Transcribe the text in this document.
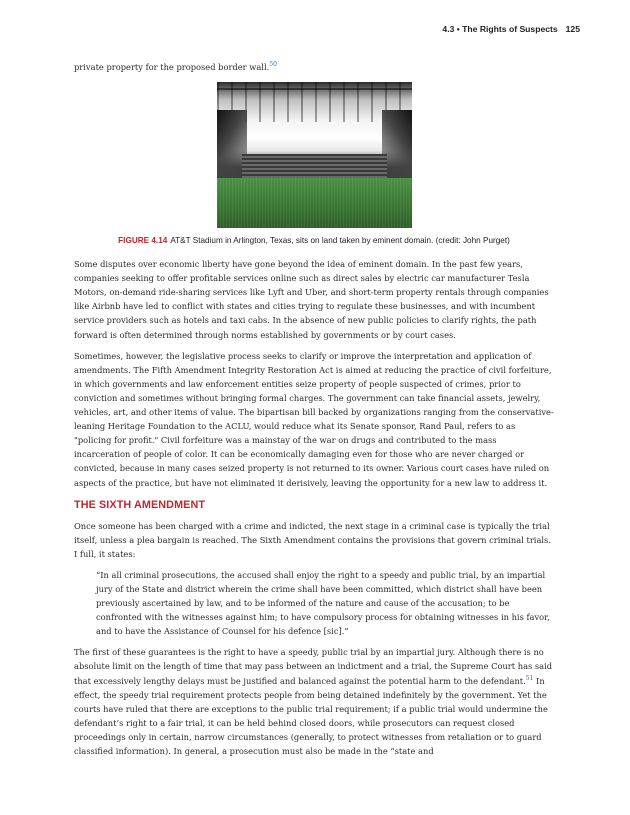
4.3 • The Rights of Suspects 125

private property for the proposed border wall.$^{50}$

FIGURE 4.14 AT&T Stadium in Arlington, Texas, sits on land taken by eminent domain. (credit: John Purget)

Some disputes over economic liberty have gone beyond the idea of eminent domain. In the past few years, companies seeking to offer profitable services online such as direct sales by electric car manufacturer Tesla Motors, on-demand ride-sharing services like Lyft and Uber, and short-term property rentals through companies like Airbnb have led to conflict with states and cities trying to regulate these businesses, and with incumbent service providers such as hotels and taxi cabs. In the absence of new public policies to clarify rights, the path forward is often determined through norms established by governments or by court cases.

Sometimes, however, the legislative process seeks to clarify or improve the interpretation and application of amendments. The Fifth Amendment Integrity Restoration Act is aimed at reducing the practice of civil forfeiture, in which governments and law enforcement entities seize property of people suspected of crimes, prior to conviction and sometimes without bringing formal charges. The government can take financial assets, jewelry, vehicles, art, and other items of value. The bipartisan bill backed by organizations ranging from the conservative-leaning Heritage Foundation to the ACLU, would reduce what its Senate sponsor, Rand Paul, refers to as "policing for profit." Civil forfeiture was a mainstay of the war on drugs and contributed to the mass incarceration of people of color. It can be economically damaging even for those who are never charged or convicted, because in many cases seized property is not returned to its owner. Various court cases have ruled on aspects of the practice, but have not eliminated it derisively, leaving the opportunity for a new law to address it.

THE SIXTH AMENDMENT

Once someone has been charged with a crime and indicted, the next stage in a criminal case is typically the trial itself, unless a plea bargain is reached. The Sixth Amendment contains the provisions that govern criminal trials. I full, it states:

“In all criminal prosecutions, the accused shall enjoy the right to a speedy and public trial, by an impartial jury of the State and district wherein the crime shall have been committed, which district shall have been previously ascertained by law, and to be informed of the nature and cause of the accusation; to be confronted with the witnesses against him; to have compulsory process for obtaining witnesses in his favor, and to have the Assistance of Counsel for his defence [sic].”

The first of these guarantees is the right to have a speedy, public trial by an impartial jury. Although there is no absolute limit on the length of time that may pass between an indictment and a trial, the Supreme Court has said that excessively lengthy delays must be justified and balanced against the potential harm to the defendant.$^{51}$ In effect, the speedy trial requirement protects people from being detained indefinitely by the government. Yet the courts have ruled that there are exceptions to the public trial requirement; if a public trial would undermine the defendant’s right to a fair trial, it can be held behind closed doors, while prosecutors can request closed proceedings only in certain, narrow circumstances (generally, to protect witnesses from retaliation or to guard classified information). In general, a prosecution must also be made in the “state and
